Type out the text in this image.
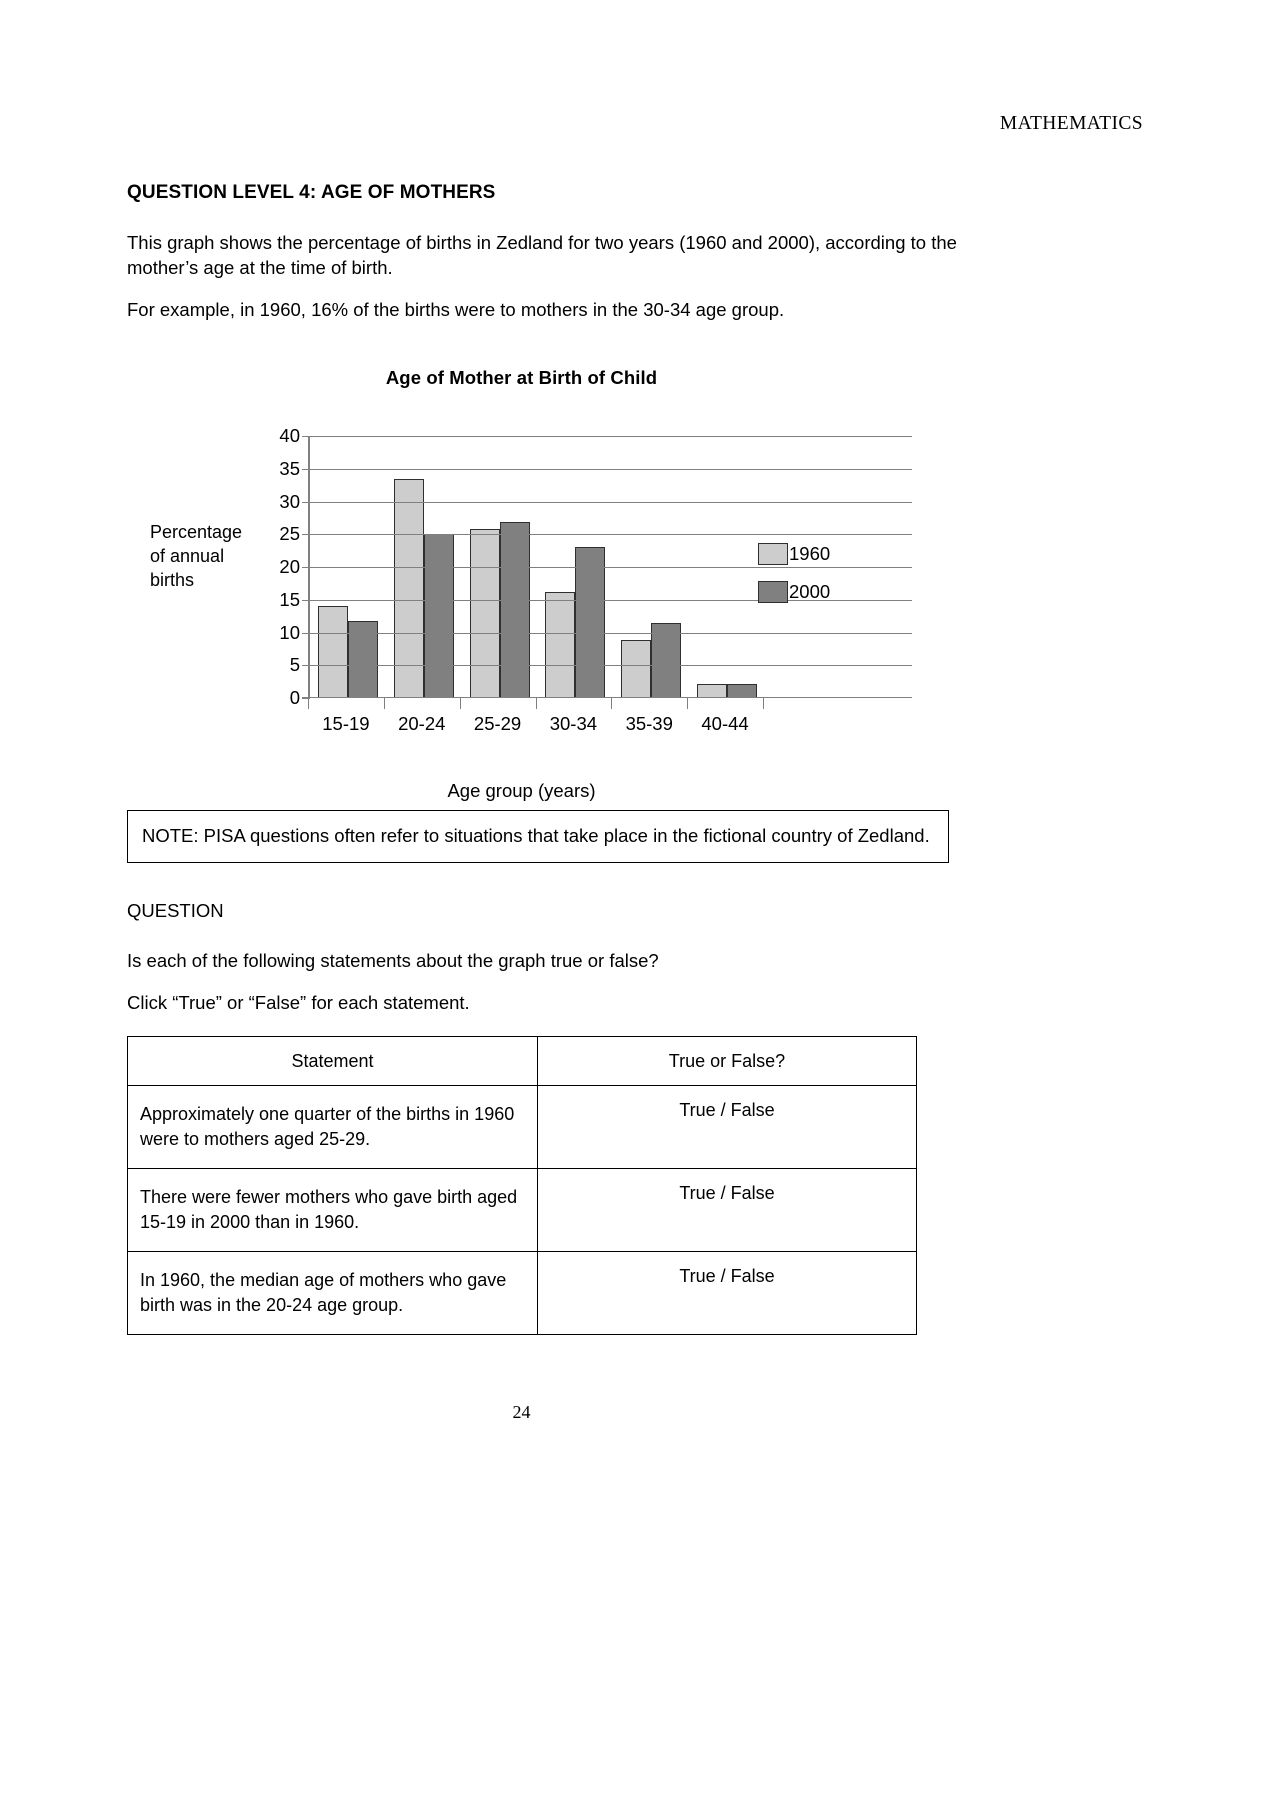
MATHEMATICS
QUESTION LEVEL 4: AGE OF MOTHERS
This graph shows the percentage of births in Zedland for two years (1960 and 2000), according to the mother’s age at the time of birth.
For example, in 1960, 16% of the births were to mothers in the 30-34 age group.
Age of Mother at Birth of Child
Percentage
of annual
births
0
5
10
15
20
25
30
35
40
15-19	20-24	25-29	30-34	35-39	40-44
1960
2000
Age group (years)
NOTE: PISA questions often refer to situations that take place in the fictional country of Zedland.
QUESTION
Is each of the following statements about the graph true or false?
Click “True” or “False” for each statement.
Statement	True or False?
Approximately one quarter of the births in 1960 were to mothers aged 25-29.	True / False
There were fewer mothers who gave birth aged 15-19 in 2000 than in 1960.	True / False
In 1960, the median age of mothers who gave birth was in the 20-24 age group.	True / False
24
